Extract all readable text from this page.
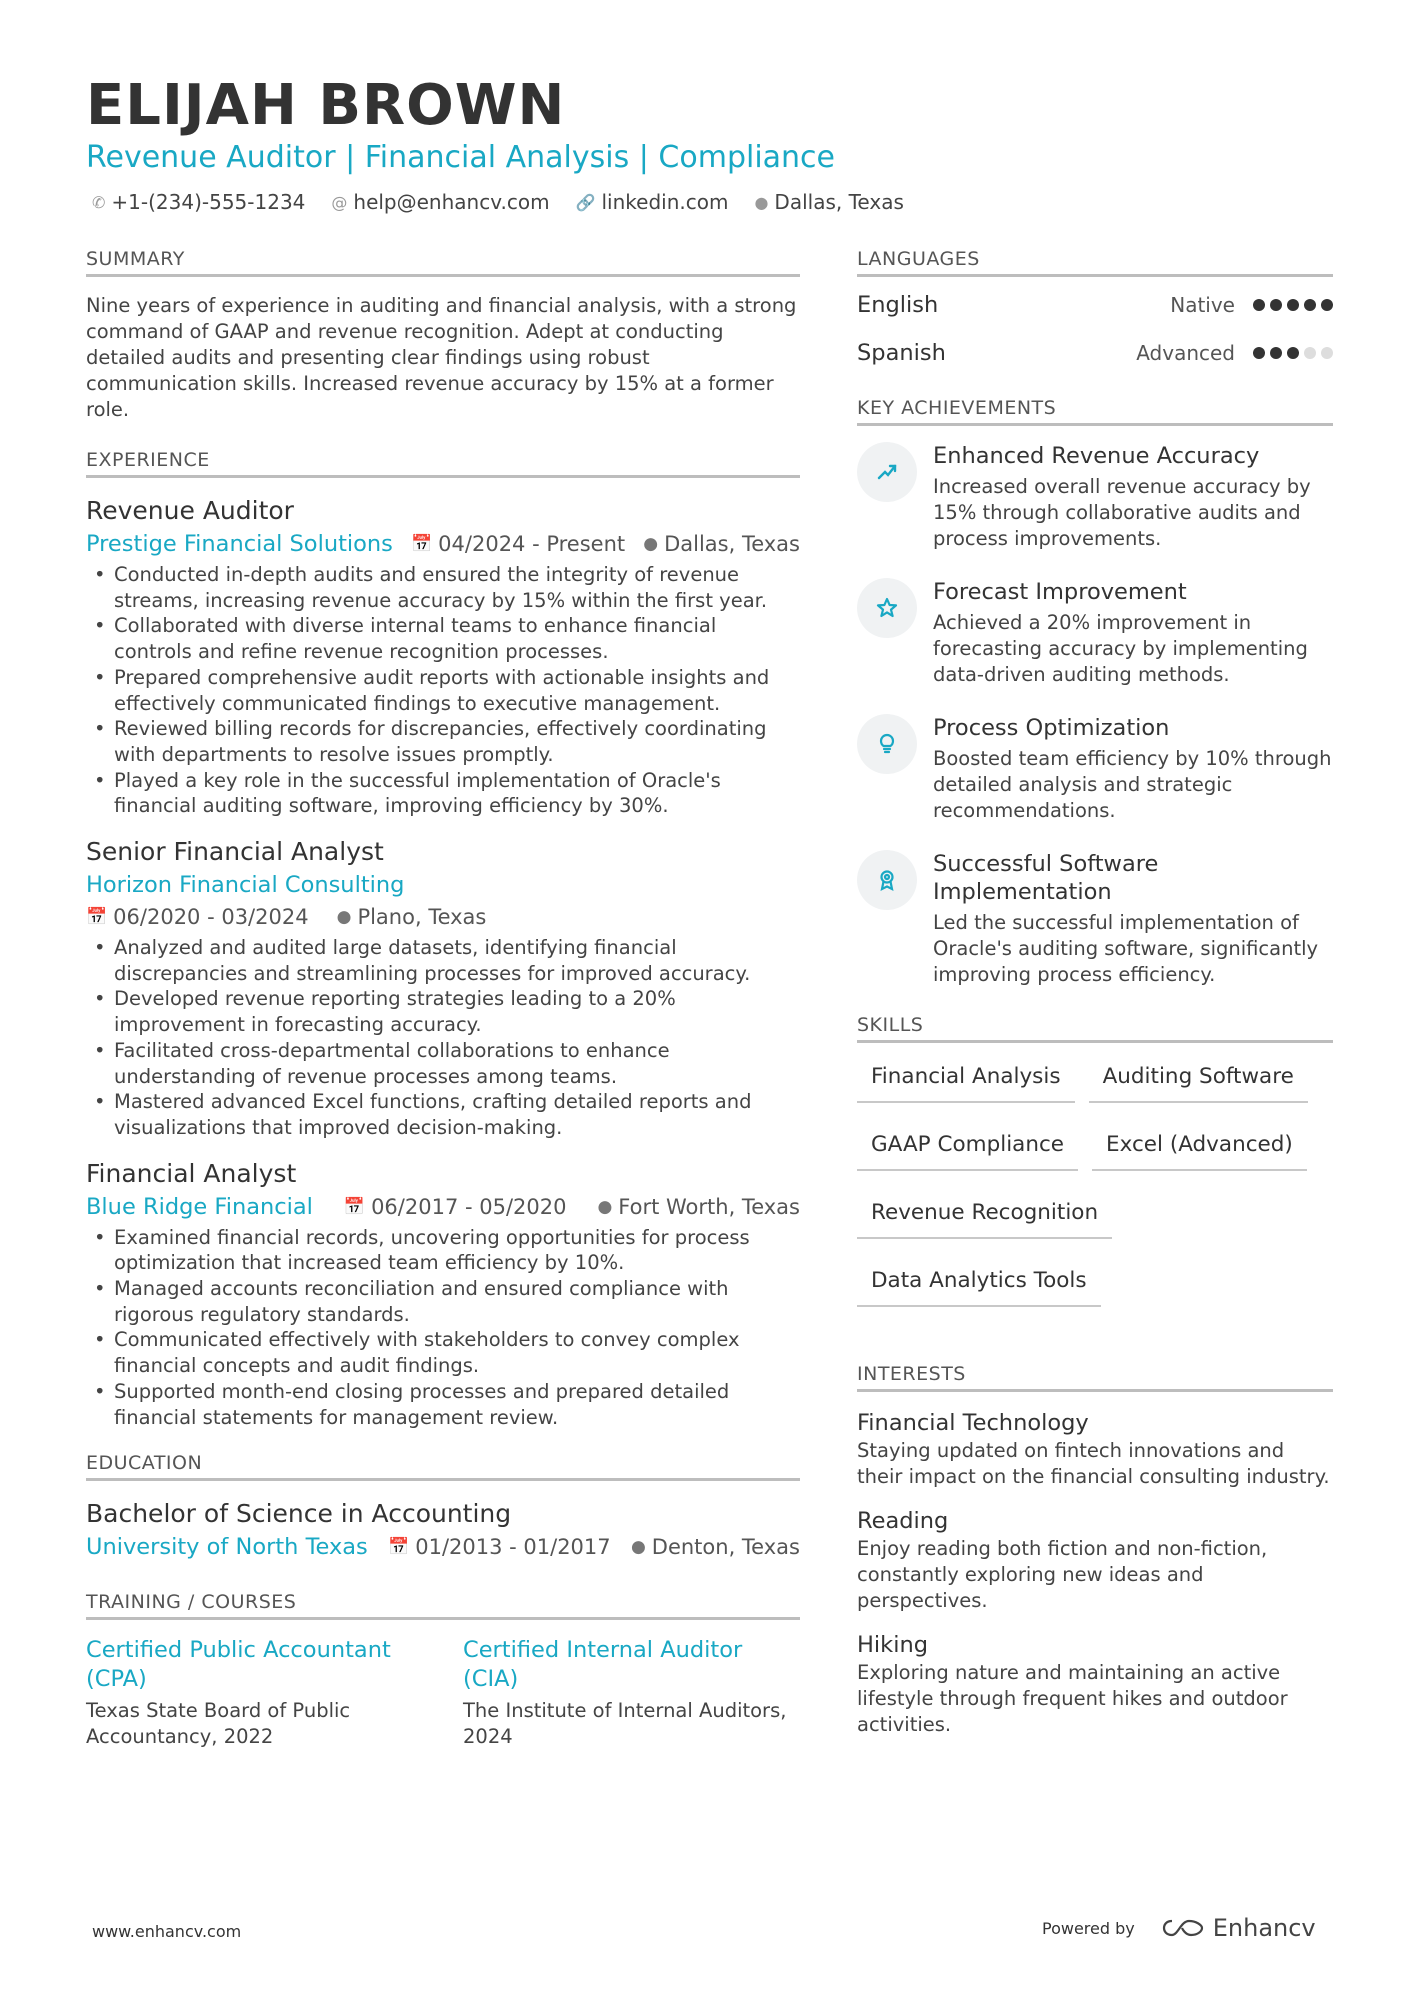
ELIJAH BROWN
Revenue Auditor | Financial Analysis | Compliance
✆ +1-(234)-555-1234 @ help@enhancv.com 🔗 linkedin.com ● Dallas, Texas
SUMMARY
Nine years of experience in auditing and financial analysis, with a strong command of GAAP and revenue recognition. Adept at conducting detailed audits and presenting clear findings using robust communication skills. Increased revenue accuracy by 15% at a former role.
EXPERIENCE
Revenue Auditor
Prestige Financial Solutions 📅 04/2024 - Present ● Dallas, Texas
• Conducted in-depth audits and ensured the integrity of revenue streams, increasing revenue accuracy by 15% within the first year.
• Collaborated with diverse internal teams to enhance financial controls and refine revenue recognition processes.
• Prepared comprehensive audit reports with actionable insights and effectively communicated findings to executive management.
• Reviewed billing records for discrepancies, effectively coordinating with departments to resolve issues promptly.
• Played a key role in the successful implementation of Oracle's financial auditing software, improving efficiency by 30%.
Senior Financial Analyst
Horizon Financial Consulting
📅 06/2020 - 03/2024 ● Plano, Texas
• Analyzed and audited large datasets, identifying financial discrepancies and streamlining processes for improved accuracy.
• Developed revenue reporting strategies leading to a 20% improvement in forecasting accuracy.
• Facilitated cross-departmental collaborations to enhance understanding of revenue processes among teams.
• Mastered advanced Excel functions, crafting detailed reports and visualizations that improved decision-making.
Financial Analyst
Blue Ridge Financial 📅 06/2017 - 05/2020 ● Fort Worth, Texas
• Examined financial records, uncovering opportunities for process optimization that increased team efficiency by 10%.
• Managed accounts reconciliation and ensured compliance with rigorous regulatory standards.
• Communicated effectively with stakeholders to convey complex financial concepts and audit findings.
• Supported month-end closing processes and prepared detailed financial statements for management review.
EDUCATION
Bachelor of Science in Accounting
University of North Texas 📅 01/2013 - 01/2017 ● Denton, Texas
TRAINING / COURSES
Certified Public Accountant (CPA)
Texas State Board of Public Accountancy, 2022
Certified Internal Auditor (CIA)
The Institute of Internal Auditors, 2024
LANGUAGES
English	Native
Spanish	Advanced
KEY ACHIEVEMENTS
Enhanced Revenue Accuracy
Increased overall revenue accuracy by 15% through collaborative audits and process improvements.
Forecast Improvement
Achieved a 20% improvement in forecasting accuracy by implementing data-driven auditing methods.
Process Optimization
Boosted team efficiency by 10% through detailed analysis and strategic recommendations.
Successful Software Implementation
Led the successful implementation of Oracle's auditing software, significantly improving process efficiency.
SKILLS
Financial Analysis	Auditing Software
GAAP Compliance	Excel (Advanced)
Revenue Recognition
Data Analytics Tools
INTERESTS
Financial Technology
Staying updated on fintech innovations and their impact on the financial consulting industry.
Reading
Enjoy reading both fiction and non-fiction, constantly exploring new ideas and perspectives.
Hiking
Exploring nature and maintaining an active lifestyle through frequent hikes and outdoor activities.
www.enhancv.com	Powered by	Enhancv
